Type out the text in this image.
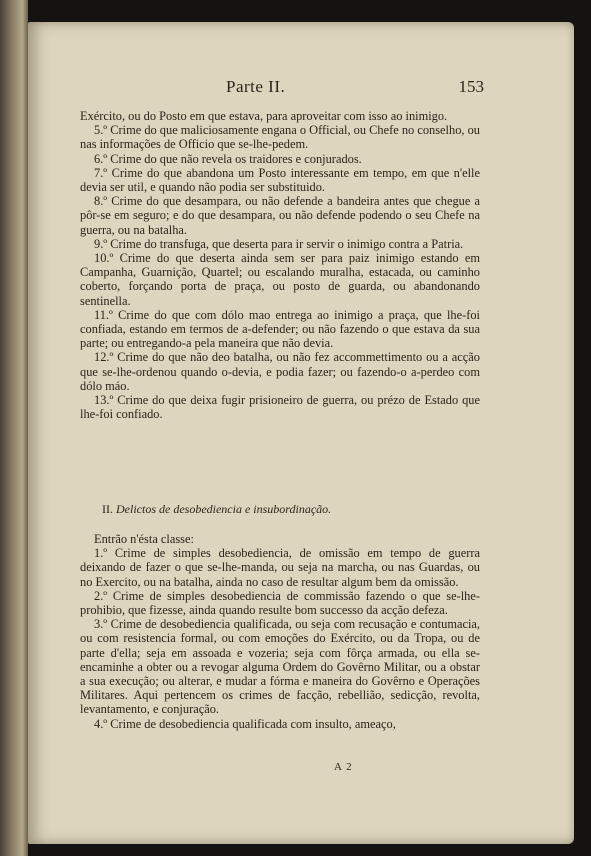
Parte II.	153

Exército, ou do Posto em que estava, para aproveitar com isso ao inimigo.

5.º Crime do que maliciosamente engana o Official, ou Chefe no conselho, ou nas informações de Officio que se-lhe-pedem.

6.º Crime do que não revela os traidores e conjurados.

7.º Crime do que abandona um Posto interessante em tempo, em que n'elle devia ser util, e quando não podia ser substituido.

8.º Crime do que desampara, ou não defende a bandeira antes que chegue a pôr-se em seguro; e do que desampara, ou não defende podendo o seu Chefe na guerra, ou na batalha.

9.º Crime do transfuga, que deserta para ir servir o inimigo contra a Patria.

10.º Crime do que deserta ainda sem ser para paiz inimigo estando em Campanha, Guarnição, Quartel; ou escalando muralha, estacada, ou caminho coberto, forçando porta de praça, ou posto de guarda, ou abandonando sentinella.

11.º Crime do que com dólo mao entrega ao inimigo a praça, que lhe-foi confiada, estando em termos de a-defender; ou não fazendo o que estava da sua parte; ou entregando-a pela maneira que não devia.

12.º Crime do que não deo batalha, ou não fez accommettimento ou a acção que se-lhe-ordenou quando o-devia, e podia fazer; ou fazendo-o a-perdeo com dólo máo.

13.º Crime do que deixa fugir prisioneiro de guerra, ou prézo de Estado que lhe-foi confiado.

II. Delictos de desobediencia e insubordinação.

Entrão n'ésta classe:

1.º Crime de simples desobediencia, de omissão em tempo de guerra deixando de fazer o que se-lhe-manda, ou seja na marcha, ou nas Guardas, ou no Exercito, ou na batalha, ainda no caso de resultar algum bem da omissão.

2.º Crime de simples desobediencia de commissão fazendo o que se-lhe-prohibio, que fizesse, ainda quando resulte bom successo da acção defeza.

3.º Crime de desobediencia qualificada, ou seja com recusação e contumacia, ou com resistencia formal, ou com emoções do Exército, ou da Tropa, ou de parte d'ella; seja em assoada e vozeria; seja com fôrça armada, ou ella se-encaminhe a obter ou a revogar alguma Ordem do Govêrno Militar, ou a obstar a sua execução; ou alterar, e mudar a fórma e maneira do Govêrno e Operações Militares. Aqui pertencem os crimes de facção, rebellião, sedicção, revolta, levantamento, e conjuração.

4.º Crime de desobediencia qualificada com insulto, ameaço,

A 2
